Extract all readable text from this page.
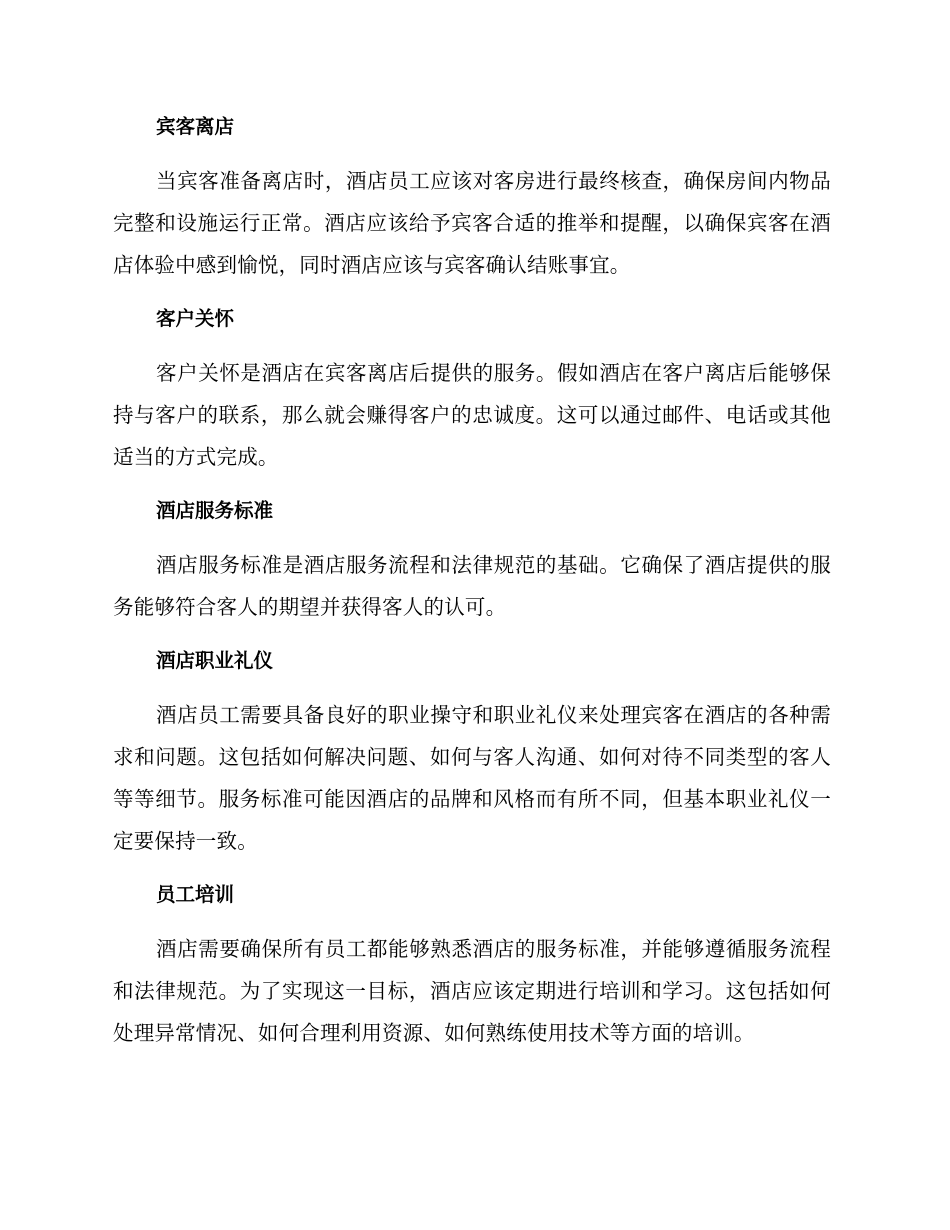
宾客离店

当宾客准备离店时，酒店员工应该对客房进行最终核查，确保房间内物品完整和设施运行正常。酒店应该给予宾客合适的推举和提醒，以确保宾客在酒店体验中感到愉悦，同时酒店应该与宾客确认结账事宜。

客户关怀

客户关怀是酒店在宾客离店后提供的服务。假如酒店在客户离店后能够保持与客户的联系，那么就会赚得客户的忠诚度。这可以通过邮件、电话或其他适当的方式完成。

酒店服务标准

酒店服务标准是酒店服务流程和法律规范的基础。它确保了酒店提供的服务能够符合客人的期望并获得客人的认可。

酒店职业礼仪

酒店员工需要具备良好的职业操守和职业礼仪来处理宾客在酒店的各种需求和问题。这包括如何解决问题、如何与客人沟通、如何对待不同类型的客人等等细节。服务标准可能因酒店的品牌和风格而有所不同，但基本职业礼仪一定要保持一致。

员工培训

酒店需要确保所有员工都能够熟悉酒店的服务标准，并能够遵循服务流程和法律规范。为了实现这一目标，酒店应该定期进行培训和学习。这包括如何处理异常情况、如何合理利用资源、如何熟练使用技术等方面的培训。
